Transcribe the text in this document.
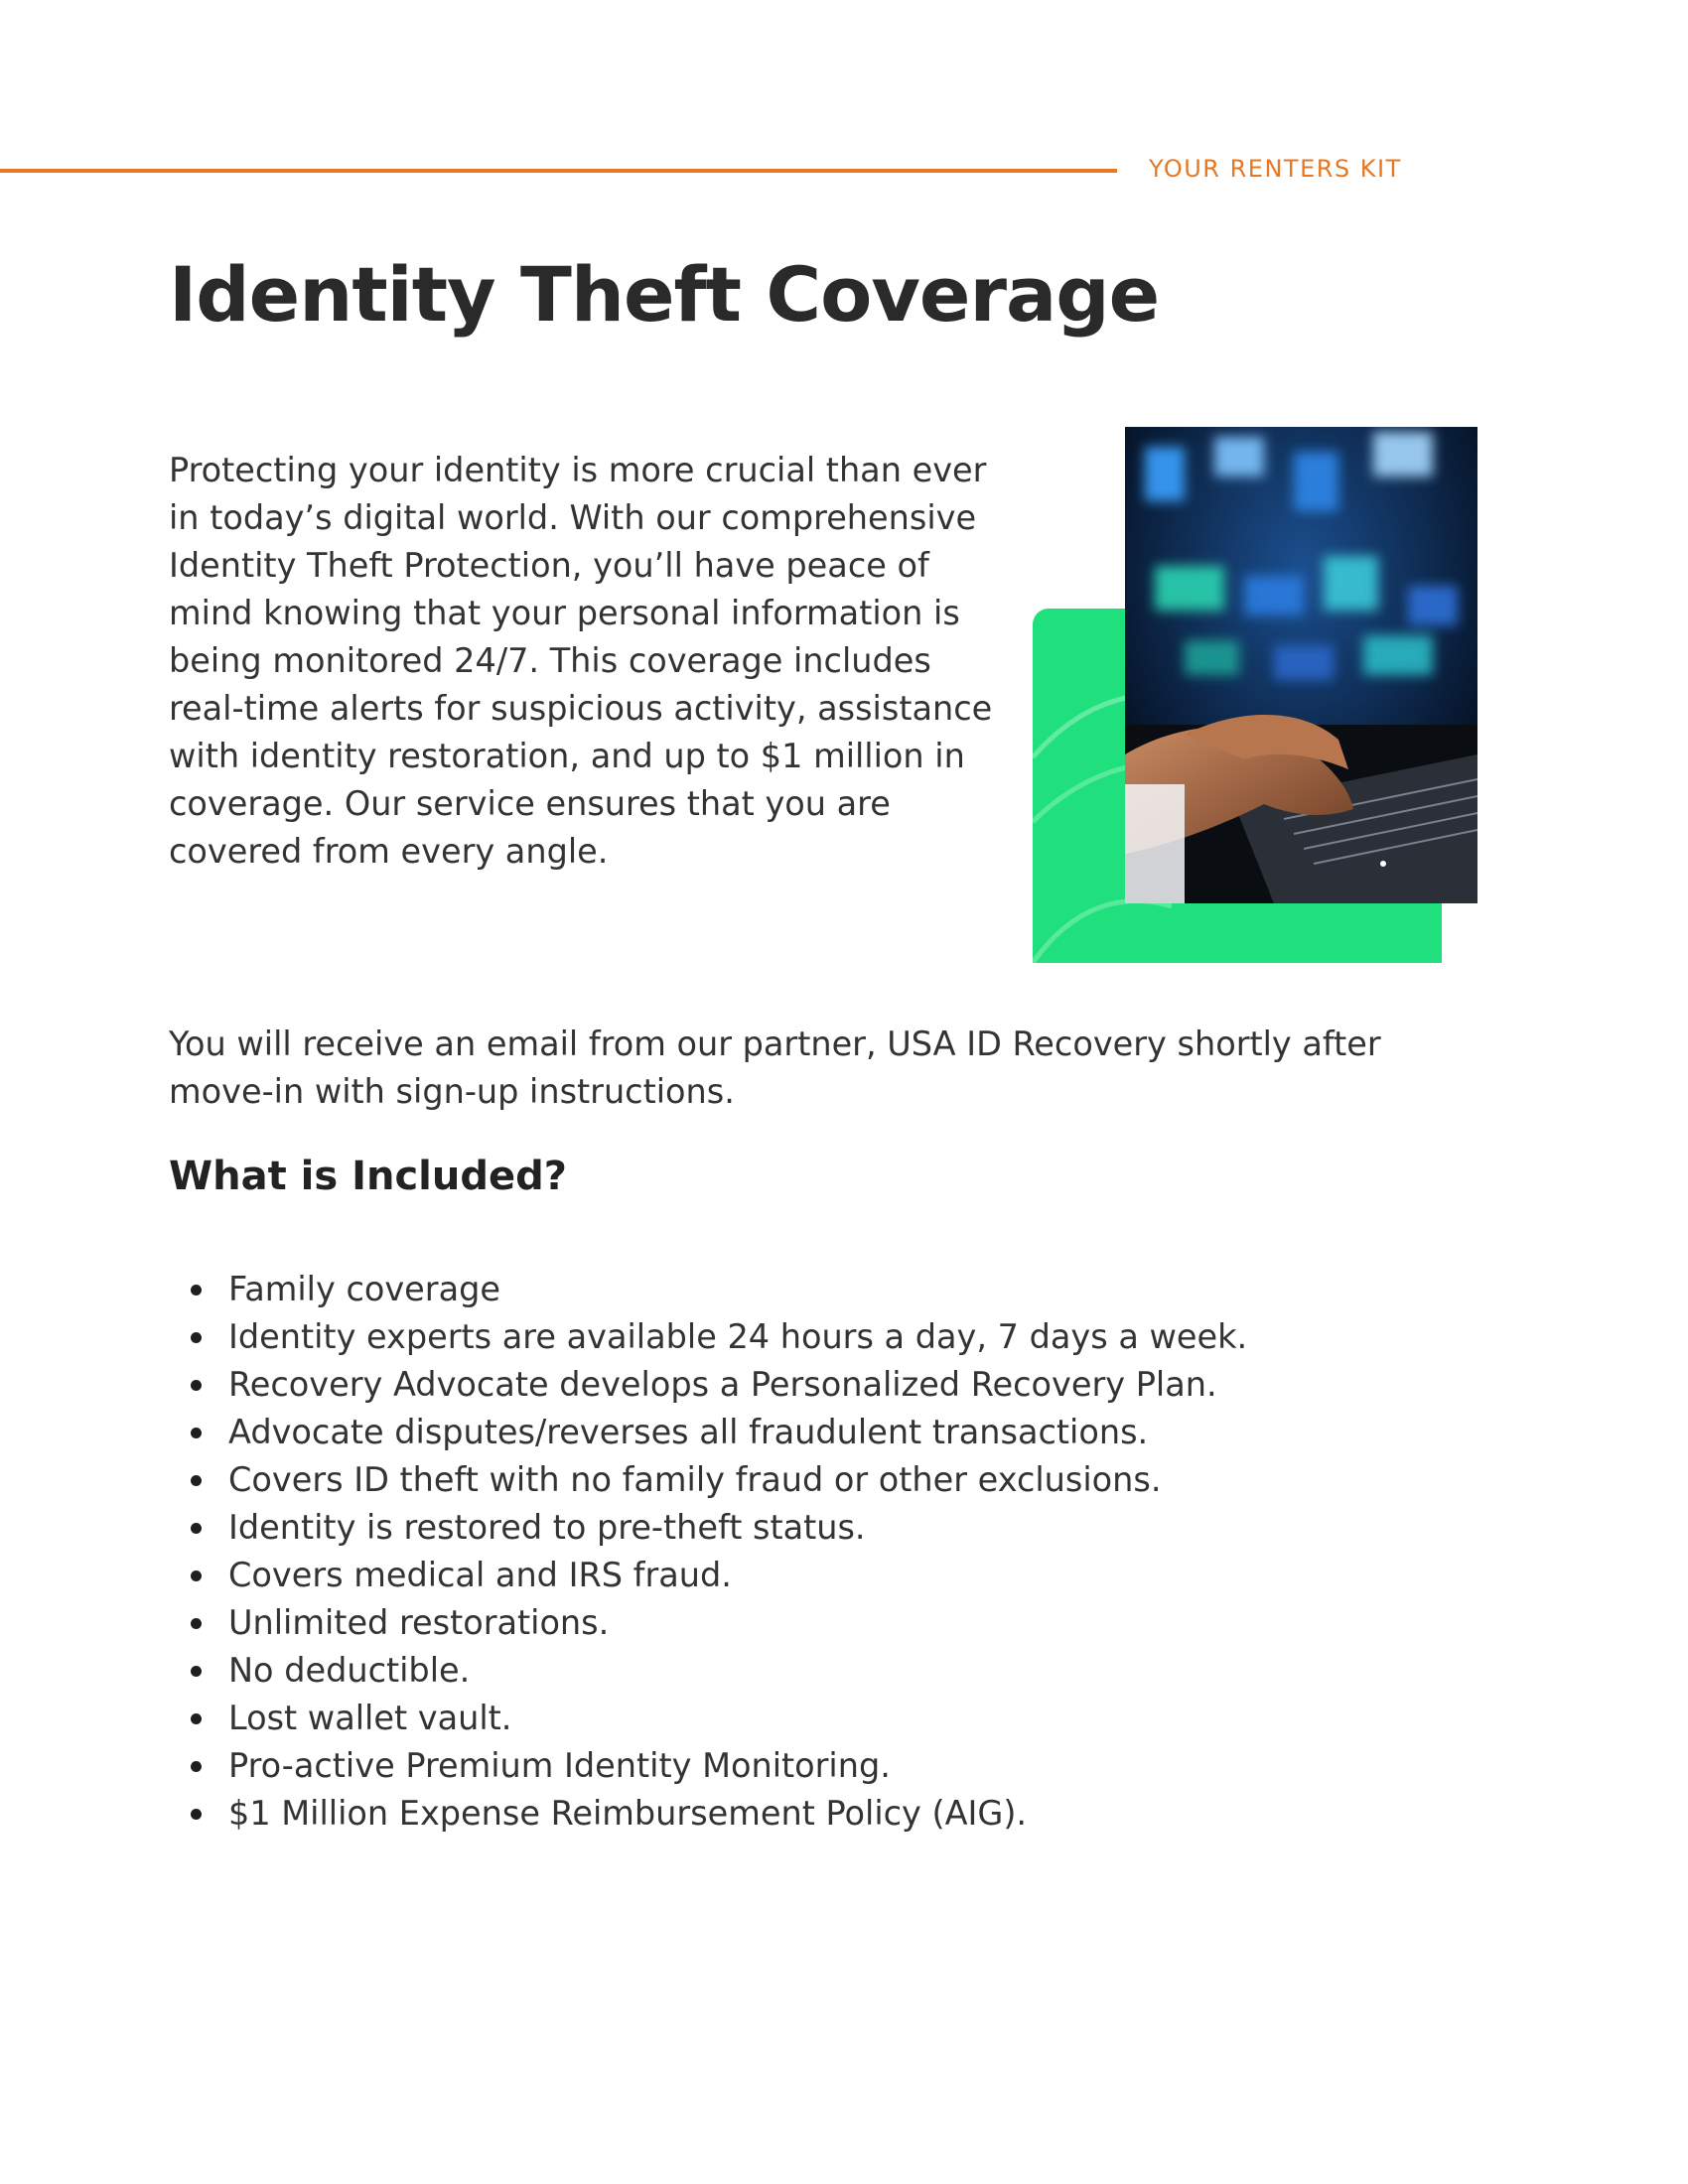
YOUR RENTERS KIT
Identity Theft Coverage

Protecting your identity is more crucial than ever in today’s digital world. With our comprehensive Identity Theft Protection, you’ll have peace of mind knowing that your personal information is being monitored 24/7. This coverage includes real-time alerts for suspicious activity, assistance with identity restoration, and up to $1 million in coverage. Our service ensures that you are covered from every angle.

You will receive an email from our partner, USA ID Recovery shortly after move-in with sign-up instructions.

What is Included?
Family coverage
Identity experts are available 24 hours a day, 7 days a week.
Recovery Advocate develops a Personalized Recovery Plan.
Advocate disputes/reverses all fraudulent transactions.
Covers ID theft with no family fraud or other exclusions.
Identity is restored to pre-theft status.
Covers medical and IRS fraud.
Unlimited restorations.
No deductible.
Lost wallet vault.
Pro-active Premium Identity Monitoring.
$1 Million Expense Reimbursement Policy (AIG).
